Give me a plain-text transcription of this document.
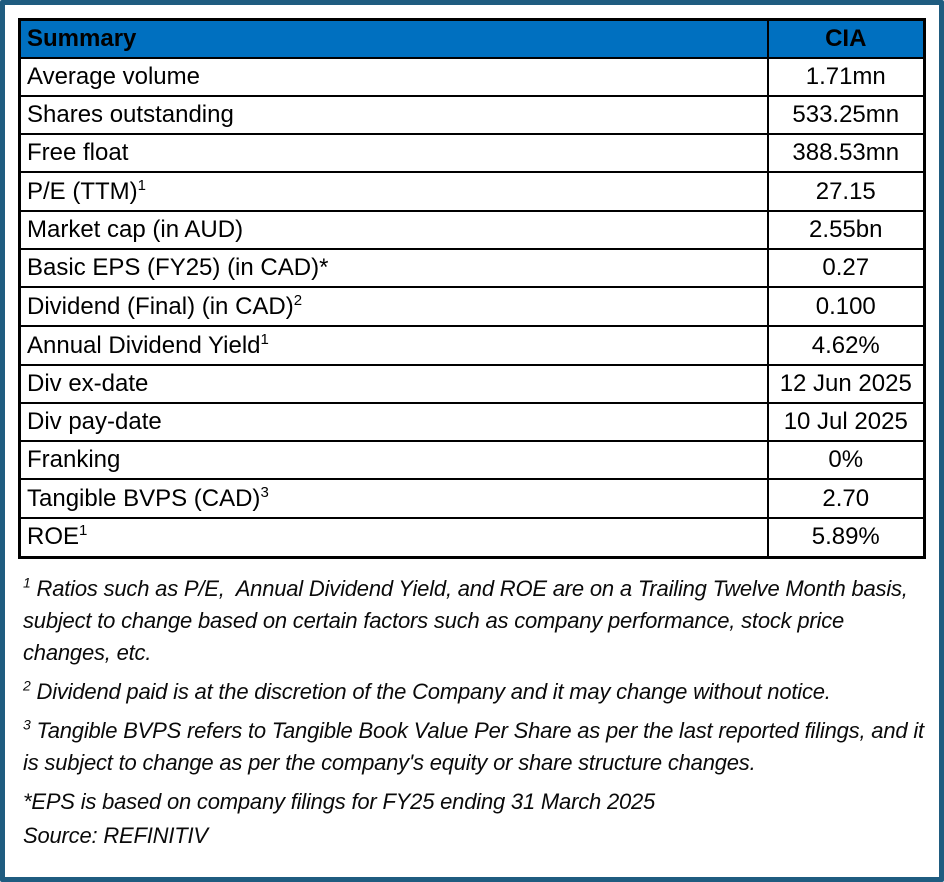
Summary	CIA
Average volume	1.71mn
Shares outstanding	533.25mn
Free float	388.53mn
P/E (TTM)$^1$	27.15
Market cap (in AUD)	2.55bn
Basic EPS (FY25) (in CAD)*	0.27
Dividend (Final) (in CAD)$^2$	0.100
Annual Dividend Yield$^1$	4.62%
Div ex-date	12 Jun 2025
Div pay-date	10 Jul 2025
Franking	0%
Tangible BVPS (CAD)$^3$	2.70
ROE$^1$	5.89%

$^1$ Ratios such as P/E,  Annual Dividend Yield, and ROE are on a Trailing Twelve Month basis, subject to change based on certain factors such as company performance, stock price changes, etc.

$^2$ Dividend paid is at the discretion of the Company and it may change without notice.

$^3$ Tangible BVPS refers to Tangible Book Value Per Share as per the last reported filings, and it is subject to change as per the company's equity or share structure changes.

*EPS is based on company filings for FY25 ending 31 March 2025

Source: REFINITIV
